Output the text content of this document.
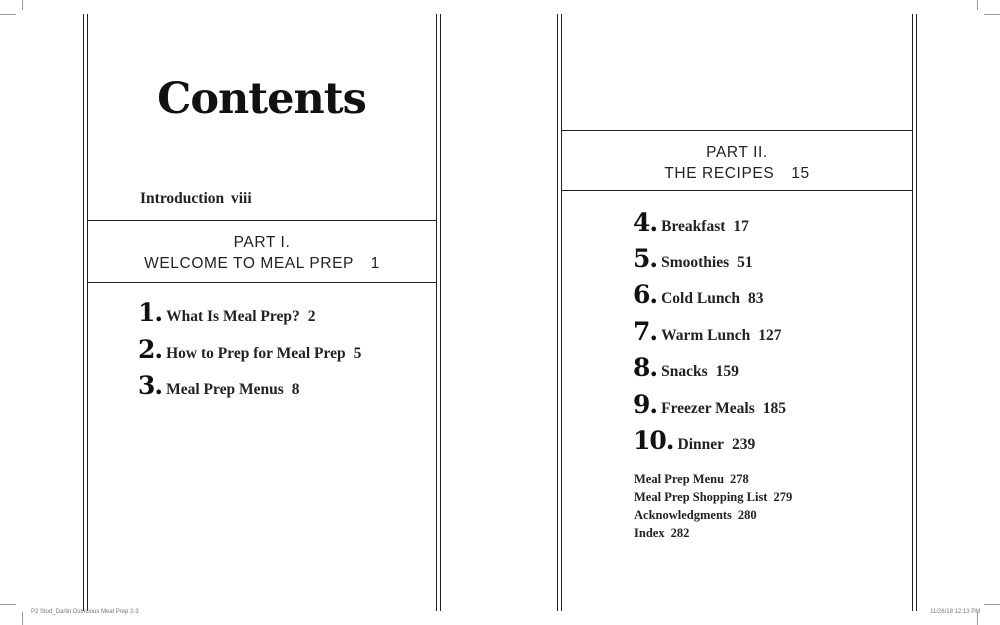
Contents
Introduction viii
PART I.
WELCOME TO MEAL PREP 1
1. What Is Meal Prep? 2
2. How to Prep for Meal Prep 5
3. Meal Prep Menus 8
P2 Stod_Darlin Dstricious Meal Prep 2-3
PART II.
THE RECIPES 15
4. Breakfast 17
5. Smoothies 51
6. Cold Lunch 83
7. Warm Lunch 127
8. Snacks 159
9. Freezer Meals 185
10. Dinner 239
Meal Prep Menu 278
Meal Prep Shopping List 279
Acknowledgments 280
Index 282
11/26/18 12:13 PM
